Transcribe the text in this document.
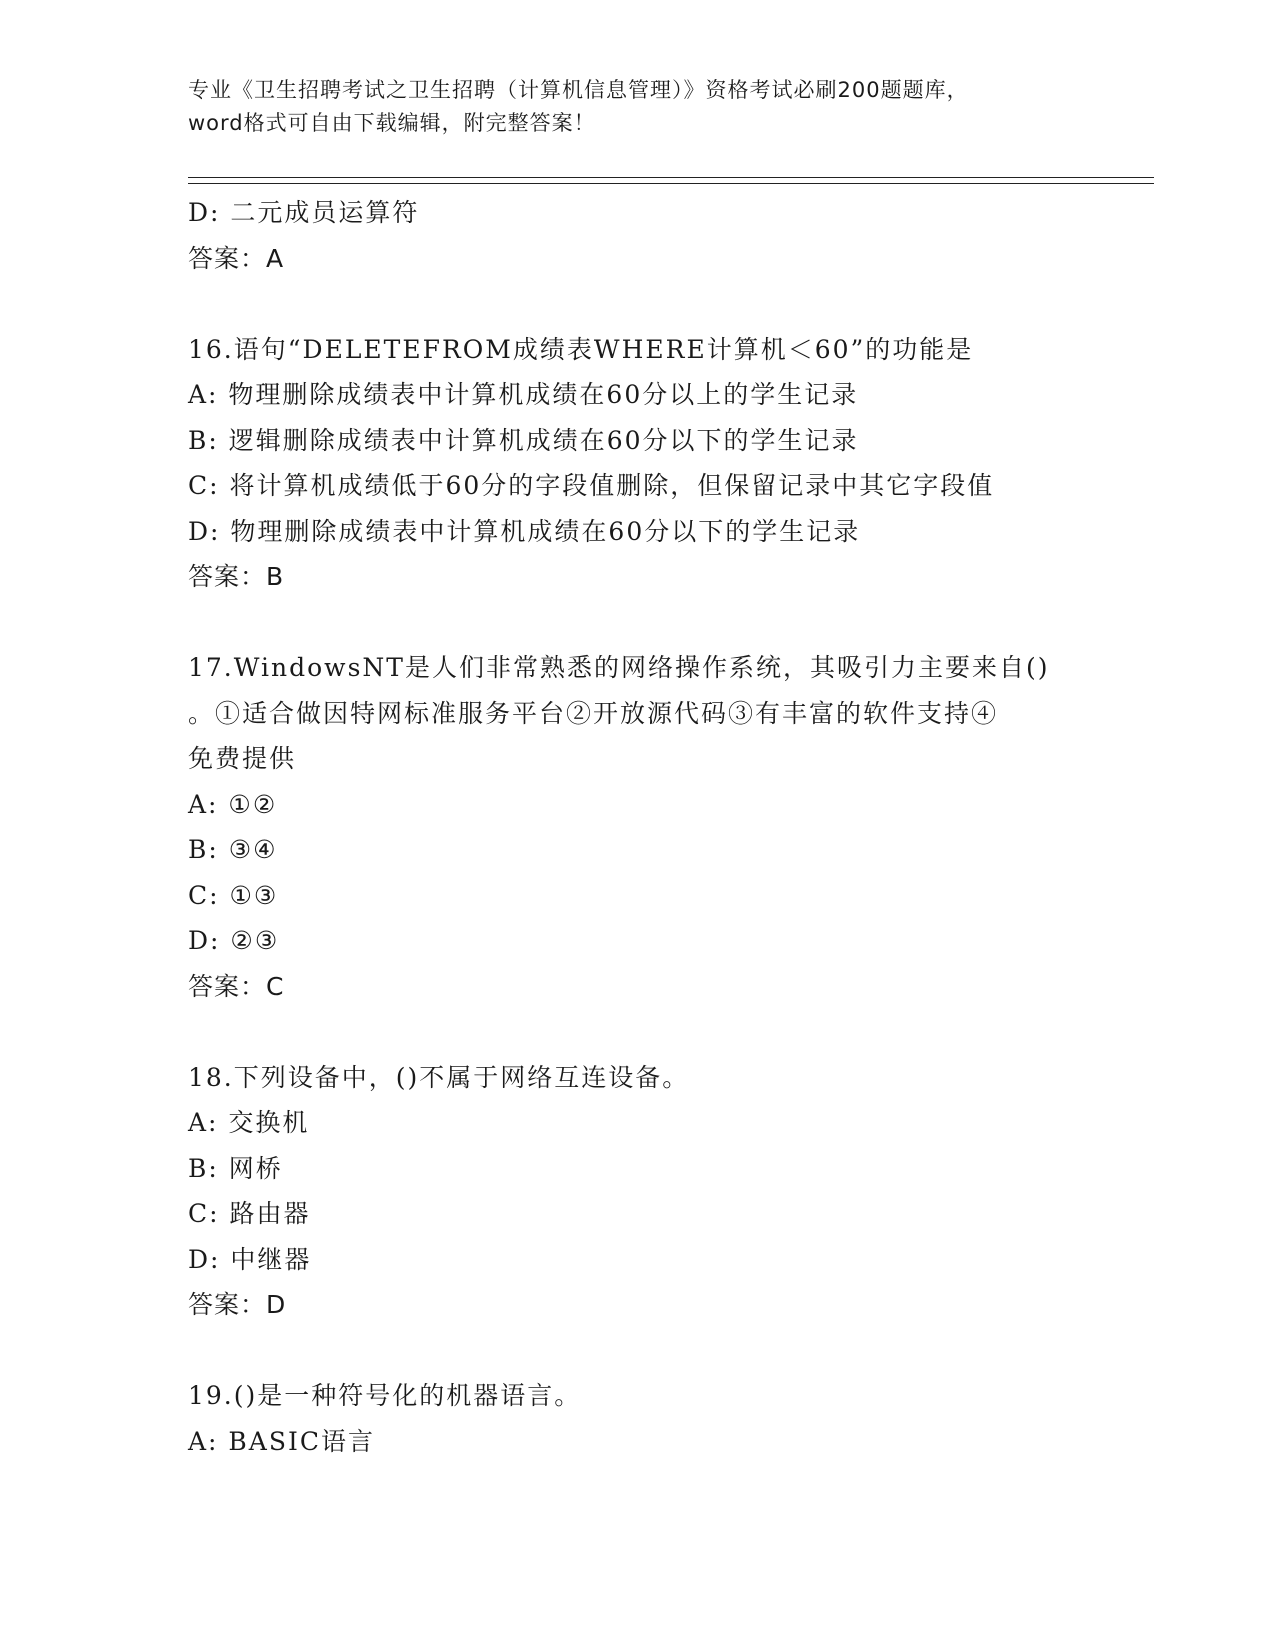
专业《卫生招聘考试之卫生招聘（计算机信息管理）》资格考试必刷200题题库，
word格式可自由下载编辑，附完整答案！
D: 二元成员运算符
答案：A
16.语句“DELETEFROM成绩表WHERE计算机＜60”的功能是
A: 物理删除成绩表中计算机成绩在60分以上的学生记录
B: 逻辑删除成绩表中计算机成绩在60分以下的学生记录
C: 将计算机成绩低于60分的字段值删除，但保留记录中其它字段值
D: 物理删除成绩表中计算机成绩在60分以下的学生记录
答案：B
17.WindowsNT是人们非常熟悉的网络操作系统，其吸引力主要来自()
。①适合做因特网标准服务平台②开放源代码③有丰富的软件支持④
免费提供
A: ①②
B: ③④
C: ①③
D: ②③
答案：C
18.下列设备中，()不属于网络互连设备。
A: 交换机
B: 网桥
C: 路由器
D: 中继器
答案：D
19.()是一种符号化的机器语言。
A: BASIC语言
